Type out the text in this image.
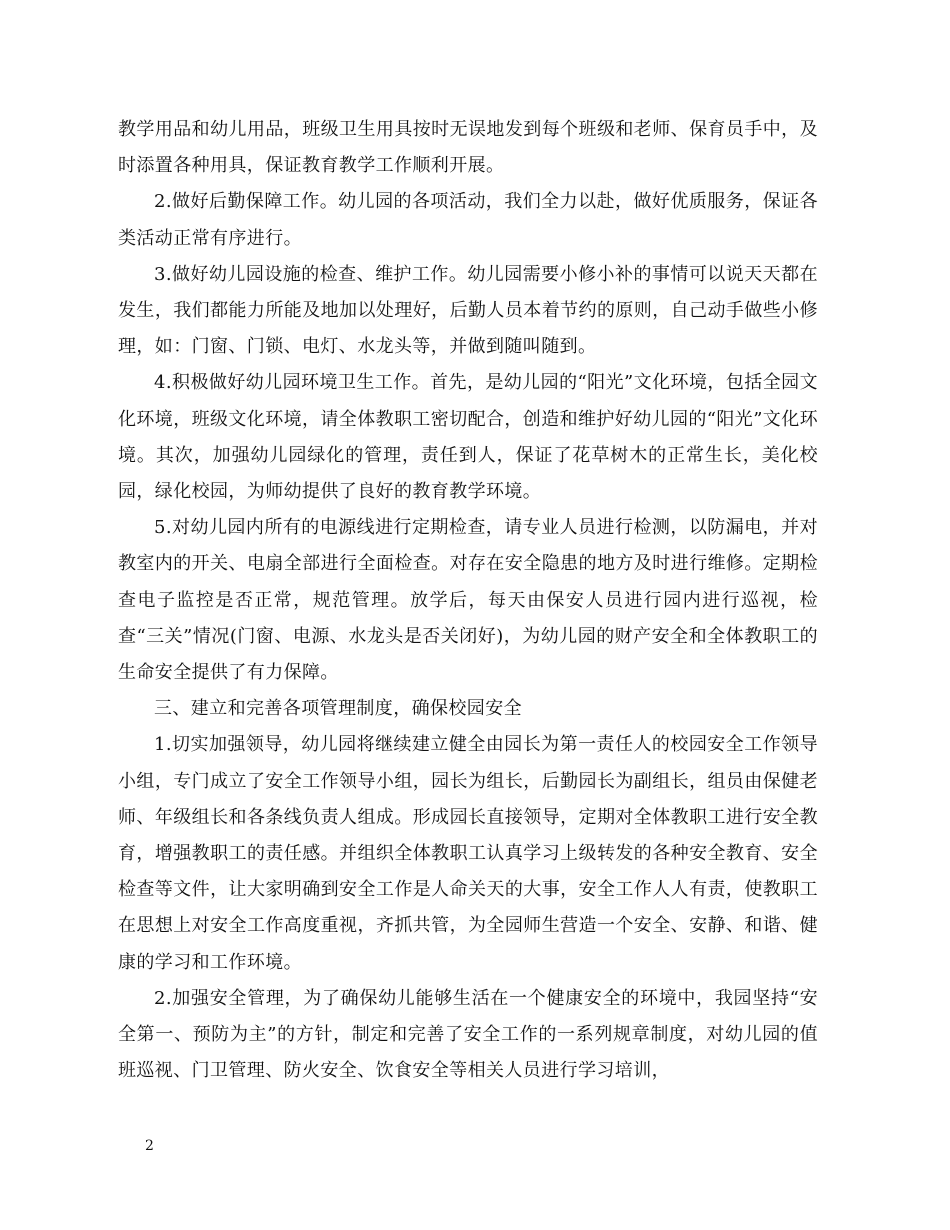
教学用品和幼儿用品，班级卫生用具按时无误地发到每个班级和老师、保育员手中，及时添置各种用具，保证教育教学工作顺利开展。

2.做好后勤保障工作。幼儿园的各项活动，我们全力以赴，做好优质服务，保证各类活动正常有序进行。

3.做好幼儿园设施的检查、维护工作。幼儿园需要小修小补的事情可以说天天都在发生，我们都能力所能及地加以处理好，后勤人员本着节约的原则，自己动手做些小修理，如：门窗、门锁、电灯、水龙头等，并做到随叫随到。

4.积极做好幼儿园环境卫生工作。首先，是幼儿园的“阳光”文化环境，包括全园文化环境，班级文化环境，请全体教职工密切配合，创造和维护好幼儿园的“阳光”文化环境。其次，加强幼儿园绿化的管理，责任到人，保证了花草树木的正常生长，美化校园，绿化校园，为师幼提供了良好的教育教学环境。

5.对幼儿园内所有的电源线进行定期检查，请专业人员进行检测，以防漏电，并对教室内的开关、电扇全部进行全面检查。对存在安全隐患的地方及时进行维修。定期检查电子监控是否正常，规范管理。放学后，每天由保安人员进行园内进行巡视，检查“三关”情况(门窗、电源、水龙头是否关闭好)，为幼儿园的财产安全和全体教职工的生命安全提供了有力保障。

三、建立和完善各项管理制度，确保校园安全

1.切实加强领导，幼儿园将继续建立健全由园长为第一责任人的校园安全工作领导小组，专门成立了安全工作领导小组，园长为组长，后勤园长为副组长，组员由保健老师、年级组长和各条线负责人组成。形成园长直接领导，定期对全体教职工进行安全教育，增强教职工的责任感。并组织全体教职工认真学习上级转发的各种安全教育、安全检查等文件，让大家明确到安全工作是人命关天的大事，安全工作人人有责，使教职工在思想上对安全工作高度重视，齐抓共管，为全园师生营造一个安全、安静、和谐、健康的学习和工作环境。

2.加强安全管理，为了确保幼儿能够生活在一个健康安全的环境中，我园坚持“安全第一、预防为主”的方针，制定和完善了安全工作的一系列规章制度，对幼儿园的值班巡视、门卫管理、防火安全、饮食安全等相关人员进行学习培训，

2
